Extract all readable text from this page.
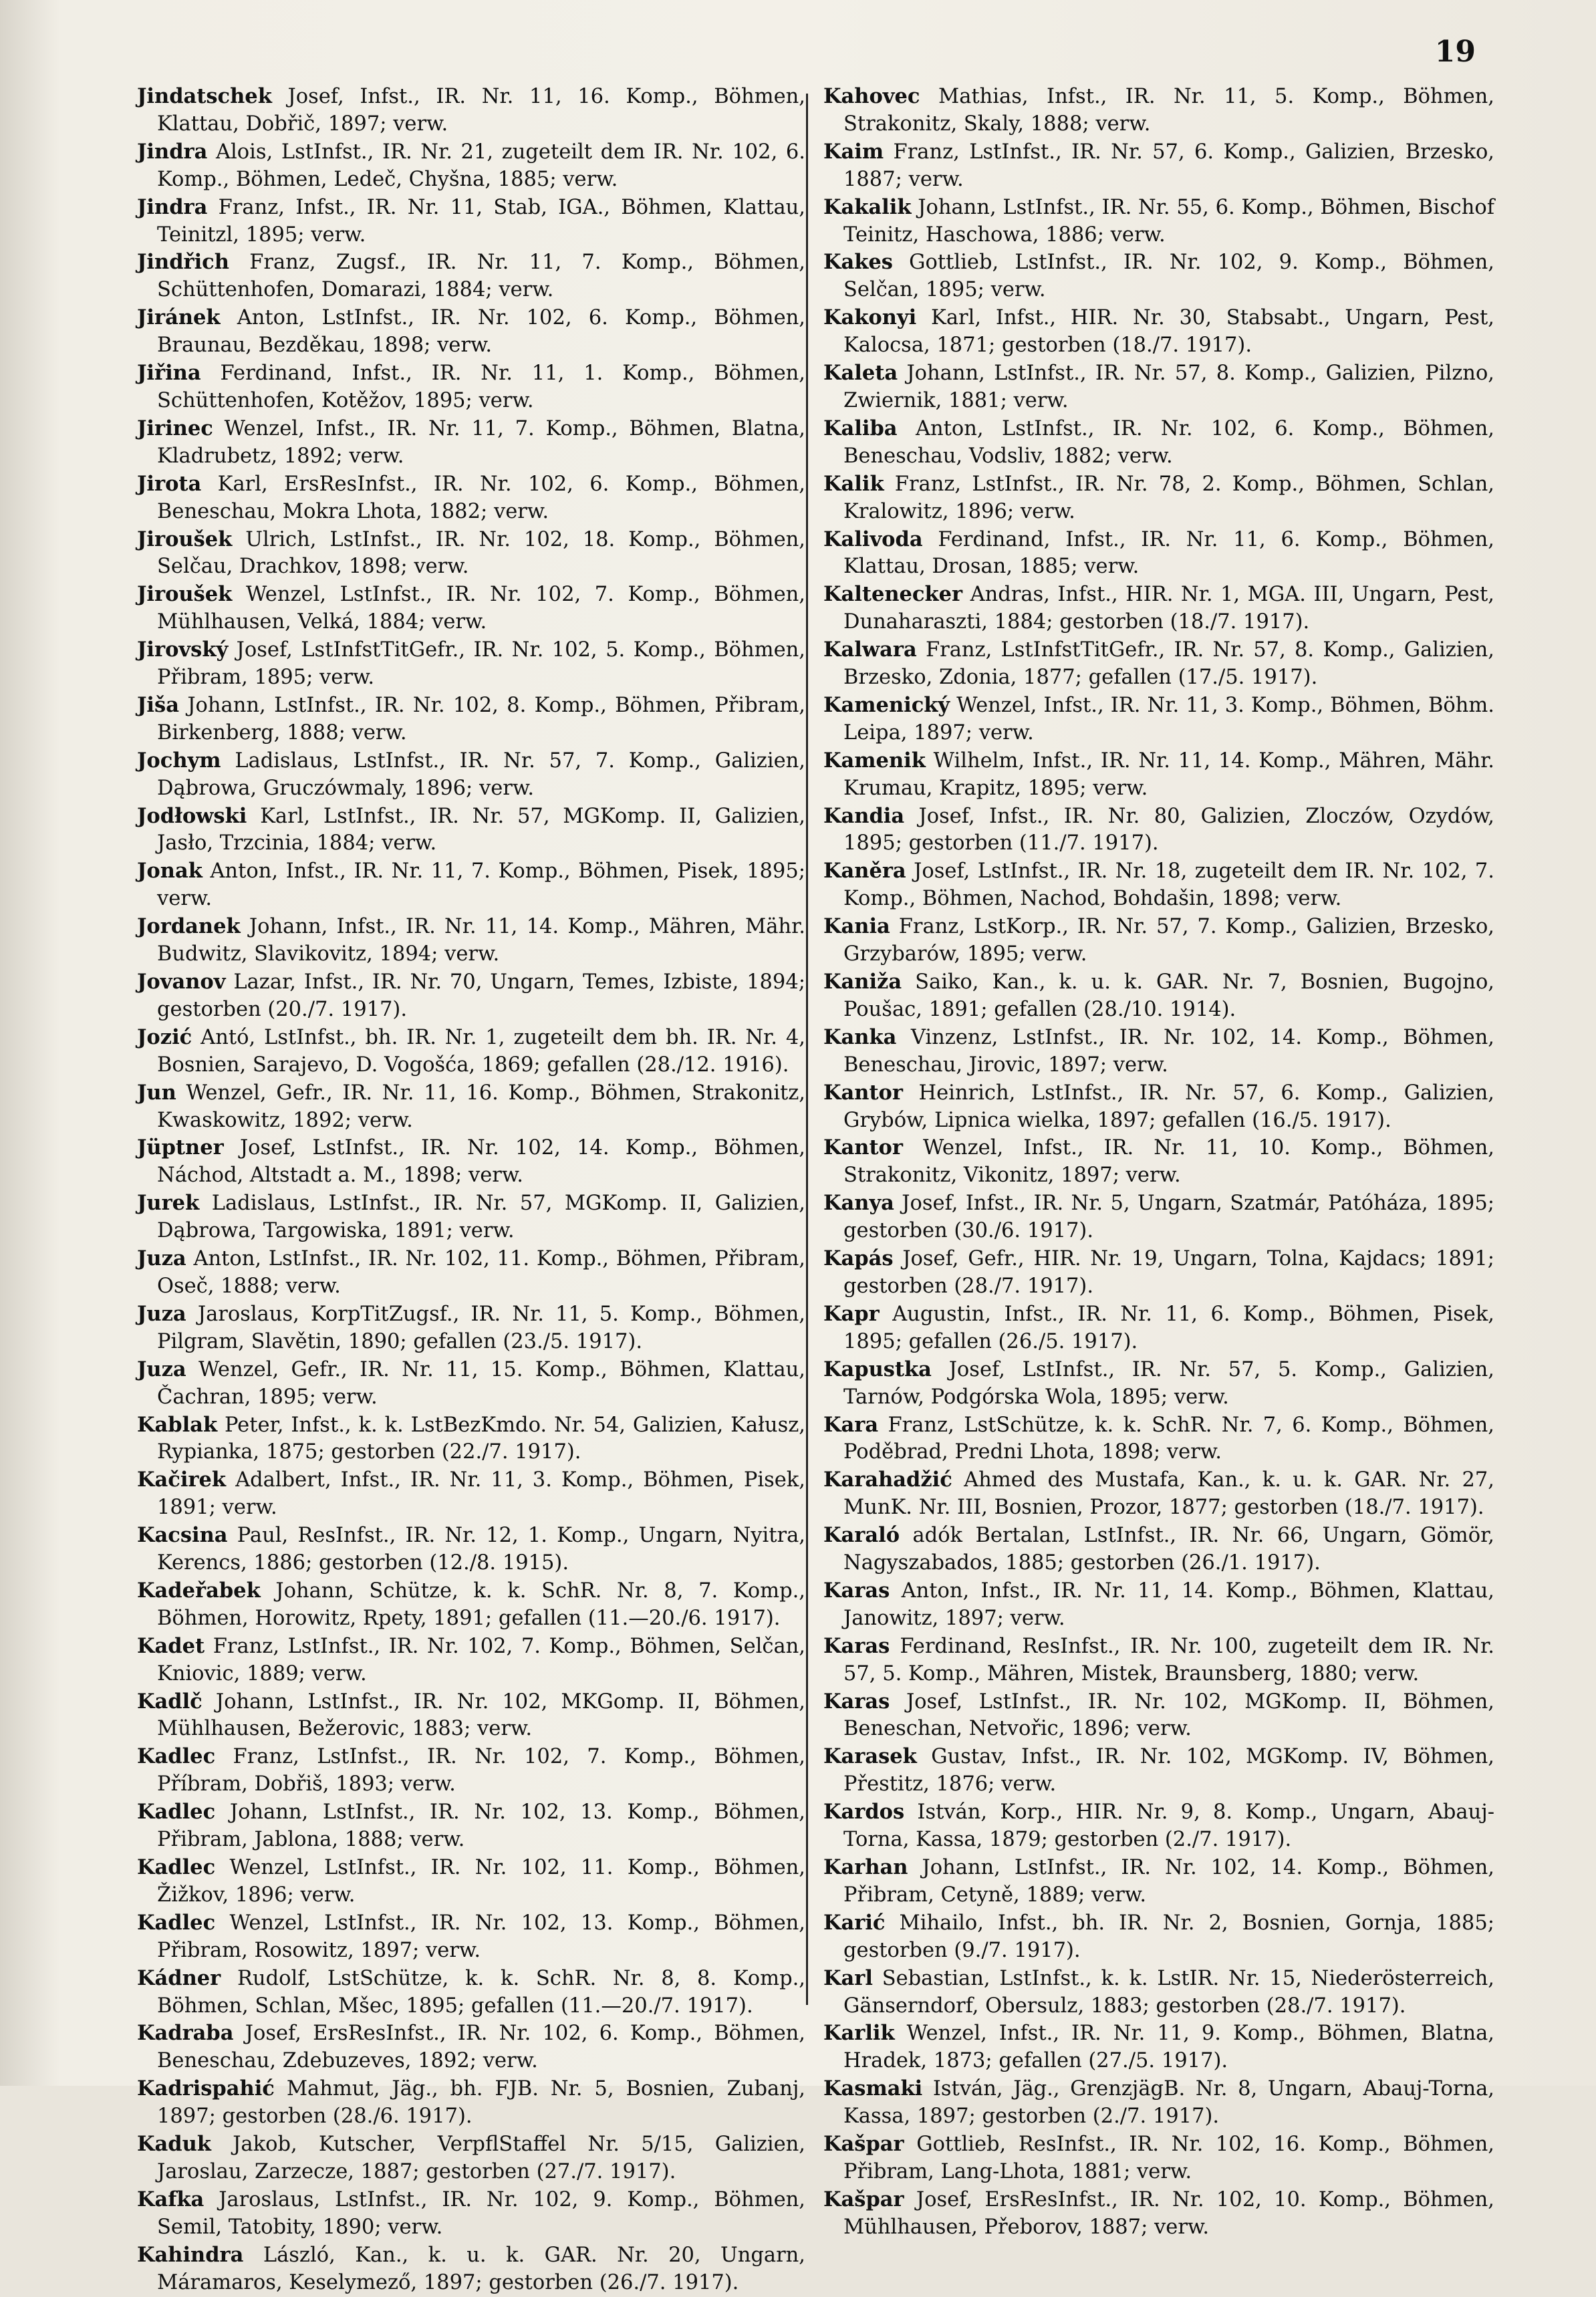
19

Jindatschek Josef, Infst., IR. Nr. 11, 16. Komp., Böhmen, Klattau, Dobřič, 1897; verw.

Jindra Alois, LstInfst., IR. Nr. 21, zugeteilt dem IR. Nr. 102, 6. Komp., Böhmen, Ledeč, Chyšna, 1885; verw.

Jindra Franz, Infst., IR. Nr. 11, Stab, IGA., Böhmen, Klattau, Teinitzl, 1895; verw.

Jindřich Franz, Zugsf., IR. Nr. 11, 7. Komp., Böhmen, Schüttenhofen, Domarazi, 1884; verw.

Jiránek Anton, LstInfst., IR. Nr. 102, 6. Komp., Böhmen, Braunau, Bezděkau, 1898; verw.

Jiřina Ferdinand, Infst., IR. Nr. 11, 1. Komp., Böhmen, Schüttenhofen, Kotěžov, 1895; verw.

Jirinec Wenzel, Infst., IR. Nr. 11, 7. Komp., Böhmen, Blatna, Kladrubetz, 1892; verw.

Jirota Karl, ErsResInfst., IR. Nr. 102, 6. Komp., Böhmen, Beneschau, Mokra Lhota, 1882; verw.

Jiroušek Ulrich, LstInfst., IR. Nr. 102, 18. Komp., Böhmen, Selčau, Drachkov, 1898; verw.

Jiroušek Wenzel, LstInfst., IR. Nr. 102, 7. Komp., Böhmen, Mühlhausen, Velká, 1884; verw.

Jirovský Josef, LstInfstTitGefr., IR. Nr. 102, 5. Komp., Böhmen, Přibram, 1895; verw.

Jiša Johann, LstInfst., IR. Nr. 102, 8. Komp., Böhmen, Přibram, Birkenberg, 1888; verw.

Jochym Ladislaus, LstInfst., IR. Nr. 57, 7. Komp., Galizien, Dąbrowa, Gruczówmaly, 1896; verw.

Jodłowski Karl, LstInfst., IR. Nr. 57, MGKomp. II, Galizien, Jasło, Trzcinia, 1884; verw.

Jonak Anton, Infst., IR. Nr. 11, 7. Komp., Böhmen, Pisek, 1895; verw.

Jordanek Johann, Infst., IR. Nr. 11, 14. Komp., Mähren, Mähr. Budwitz, Slavikovitz, 1894; verw.

Jovanov Lazar, Infst., IR. Nr. 70, Ungarn, Temes, Izbiste, 1894; gestorben (20./7. 1917).

Jozić Antó, LstInfst., bh. IR. Nr. 1, zugeteilt dem bh. IR. Nr. 4, Bosnien, Sarajevo, D. Vogošća, 1869; gefallen (28./12. 1916).

Jun Wenzel, Gefr., IR. Nr. 11, 16. Komp., Böhmen, Strakonitz, Kwaskowitz, 1892; verw.

Jüptner Josef, LstInfst., IR. Nr. 102, 14. Komp., Böhmen, Náchod, Altstadt a. M., 1898; verw.

Jurek Ladislaus, LstInfst., IR. Nr. 57, MGKomp. II, Galizien, Dąbrowa, Targowiska, 1891; verw.

Juza Anton, LstInfst., IR. Nr. 102, 11. Komp., Böhmen, Přibram, Oseč, 1888; verw.

Juza Jaroslaus, KorpTitZugsf., IR. Nr. 11, 5. Komp., Böhmen, Pilgram, Slavětin, 1890; gefallen (23./5. 1917).

Juza Wenzel, Gefr., IR. Nr. 11, 15. Komp., Böhmen, Klattau, Čachran, 1895; verw.

Kablak Peter, Infst., k. k. LstBezKmdo. Nr. 54, Galizien, Kałusz, Rypianka, 1875; gestorben (22./7. 1917).

Kačirek Adalbert, Infst., IR. Nr. 11, 3. Komp., Böhmen, Pisek, 1891; verw.

Kacsina Paul, ResInfst., IR. Nr. 12, 1. Komp., Ungarn, Nyitra, Kerencs, 1886; gestorben (12./8. 1915).

Kadeřabek Johann, Schütze, k. k. SchR. Nr. 8, 7. Komp., Böhmen, Horowitz, Rpety, 1891; gefallen (11.—20./6. 1917).

Kadet Franz, LstInfst., IR. Nr. 102, 7. Komp., Böhmen, Selčan, Kniovic, 1889; verw.

Kadlč Johann, LstInfst., IR. Nr. 102, MKGomp. II, Böhmen, Mühlhausen, Bežerovic, 1883; verw.

Kadlec Franz, LstInfst., IR. Nr. 102, 7. Komp., Böhmen, Příbram, Dobřiš, 1893; verw.

Kadlec Johann, LstInfst., IR. Nr. 102, 13. Komp., Böhmen, Přibram, Jablona, 1888; verw.

Kadlec Wenzel, LstInfst., IR. Nr. 102, 11. Komp., Böhmen, Žižkov, 1896; verw.

Kadlec Wenzel, LstInfst., IR. Nr. 102, 13. Komp., Böhmen, Přibram, Rosowitz, 1897; verw.

Kádner Rudolf, LstSchütze, k. k. SchR. Nr. 8, 8. Komp., Böhmen, Schlan, Mšec, 1895; gefallen (11.—20./7. 1917).

Kadraba Josef, ErsResInfst., IR. Nr. 102, 6. Komp., Böhmen, Beneschau, Zdebuzeves, 1892; verw.

Kadrispahić Mahmut, Jäg., bh. FJB. Nr. 5, Bosnien, Zubanj, 1897; gestorben (28./6. 1917).

Kaduk Jakob, Kutscher, VerpflStaffel Nr. 5/15, Galizien, Jaroslau, Zarzecze, 1887; gestorben (27./7. 1917).

Kafka Jaroslaus, LstInfst., IR. Nr. 102, 9. Komp., Böhmen, Semil, Tatobity, 1890; verw.

Kahindra László, Kan., k. u. k. GAR. Nr. 20, Ungarn, Máramaros, Keselymező, 1897; gestorben (26./7. 1917).

Kahovec Mathias, Infst., IR. Nr. 11, 5. Komp., Böhmen, Strakonitz, Skaly, 1888; verw.

Kaim Franz, LstInfst., IR. Nr. 57, 6. Komp., Galizien, Brzesko, 1887; verw.

Kakalik Johann, LstInfst., IR. Nr. 55, 6. Komp., Böhmen, Bischof Teinitz, Haschowa, 1886; verw.

Kakes Gottlieb, LstInfst., IR. Nr. 102, 9. Komp., Böhmen, Selčan, 1895; verw.

Kakonyi Karl, Infst., HIR. Nr. 30, Stabsabt., Ungarn, Pest, Kalocsa, 1871; gestorben (18./7. 1917).

Kaleta Johann, LstInfst., IR. Nr. 57, 8. Komp., Galizien, Pilzno, Zwiernik, 1881; verw.

Kaliba Anton, LstInfst., IR. Nr. 102, 6. Komp., Böhmen, Beneschau, Vodsliv, 1882; verw.

Kalik Franz, LstInfst., IR. Nr. 78, 2. Komp., Böhmen, Schlan, Kralowitz, 1896; verw.

Kalivoda Ferdinand, Infst., IR. Nr. 11, 6. Komp., Böhmen, Klattau, Drosan, 1885; verw.

Kaltenecker Andras, Infst., HIR. Nr. 1, MGA. III, Ungarn, Pest, Dunaharaszti, 1884; gestorben (18./7. 1917).

Kalwara Franz, LstInfstTitGefr., IR. Nr. 57, 8. Komp., Galizien, Brzesko, Zdonia, 1877; gefallen (17./5. 1917).

Kamenický Wenzel, Infst., IR. Nr. 11, 3. Komp., Böhmen, Böhm. Leipa, 1897; verw.

Kamenik Wilhelm, Infst., IR. Nr. 11, 14. Komp., Mähren, Mähr. Krumau, Krapitz, 1895; verw.

Kandia Josef, Infst., IR. Nr. 80, Galizien, Zloczów, Ozydów, 1895; gestorben (11./7. 1917).

Kaněra Josef, LstInfst., IR. Nr. 18, zugeteilt dem IR. Nr. 102, 7. Komp., Böhmen, Nachod, Bohdašin, 1898; verw.

Kania Franz, LstKorp., IR. Nr. 57, 7. Komp., Galizien, Brzesko, Grzybarów, 1895; verw.

Kaniža Saiko, Kan., k. u. k. GAR. Nr. 7, Bosnien, Bugojno, Poušac, 1891; gefallen (28./10. 1914).

Kanka Vinzenz, LstInfst., IR. Nr. 102, 14. Komp., Böhmen, Beneschau, Jirovic, 1897; verw.

Kantor Heinrich, LstInfst., IR. Nr. 57, 6. Komp., Galizien, Grybów, Lipnica wielka, 1897; gefallen (16./5. 1917).

Kantor Wenzel, Infst., IR. Nr. 11, 10. Komp., Böhmen, Strakonitz, Vikonitz, 1897; verw.

Kanya Josef, Infst., IR. Nr. 5, Ungarn, Szatmár, Patóháza, 1895; gestorben (30./6. 1917).

Kapás Josef, Gefr., HIR. Nr. 19, Ungarn, Tolna, Kajdacs; 1891; gestorben (28./7. 1917).

Kapr Augustin, Infst., IR. Nr. 11, 6. Komp., Böhmen, Pisek, 1895; gefallen (26./5. 1917).

Kapustka Josef, LstInfst., IR. Nr. 57, 5. Komp., Galizien, Tarnów, Podgórska Wola, 1895; verw.

Kara Franz, LstSchütze, k. k. SchR. Nr. 7, 6. Komp., Böhmen, Poděbrad, Predni Lhota, 1898; verw.

Karahadžić Ahmed des Mustafa, Kan., k. u. k. GAR. Nr. 27, MunK. Nr. III, Bosnien, Prozor, 1877; gestorben (18./7. 1917).

Karaló adók Bertalan, LstInfst., IR. Nr. 66, Ungarn, Gömör, Nagyszabados, 1885; gestorben (26./1. 1917).

Karas Anton, Infst., IR. Nr. 11, 14. Komp., Böhmen, Klattau, Janowitz, 1897; verw.

Karas Ferdinand, ResInfst., IR. Nr. 100, zugeteilt dem IR. Nr. 57, 5. Komp., Mähren, Mistek, Braunsberg, 1880; verw.

Karas Josef, LstInfst., IR. Nr. 102, MGKomp. II, Böhmen, Beneschan, Netvořic, 1896; verw.

Karasek Gustav, Infst., IR. Nr. 102, MGKomp. IV, Böhmen, Přestitz, 1876; verw.

Kardos István, Korp., HIR. Nr. 9, 8. Komp., Ungarn, Abauj-Torna, Kassa, 1879; gestorben (2./7. 1917).

Karhan Johann, LstInfst., IR. Nr. 102, 14. Komp., Böhmen, Přibram, Cetyně, 1889; verw.

Karić Mihailo, Infst., bh. IR. Nr. 2, Bosnien, Gornja, 1885; gestorben (9./7. 1917).

Karl Sebastian, LstInfst., k. k. LstIR. Nr. 15, Niederösterreich, Gänserndorf, Obersulz, 1883; gestorben (28./7. 1917).

Karlik Wenzel, Infst., IR. Nr. 11, 9. Komp., Böhmen, Blatna, Hradek, 1873; gefallen (27./5. 1917).

Kasmaki István, Jäg., GrenzjägB. Nr. 8, Ungarn, Abauj-Torna, Kassa, 1897; gestorben (2./7. 1917).

Kašpar Gottlieb, ResInfst., IR. Nr. 102, 16. Komp., Böhmen, Přibram, Lang-Lhota, 1881; verw.

Kašpar Josef, ErsResInfst., IR. Nr. 102, 10. Komp., Böhmen, Mühlhausen, Přeborov, 1887; verw.
